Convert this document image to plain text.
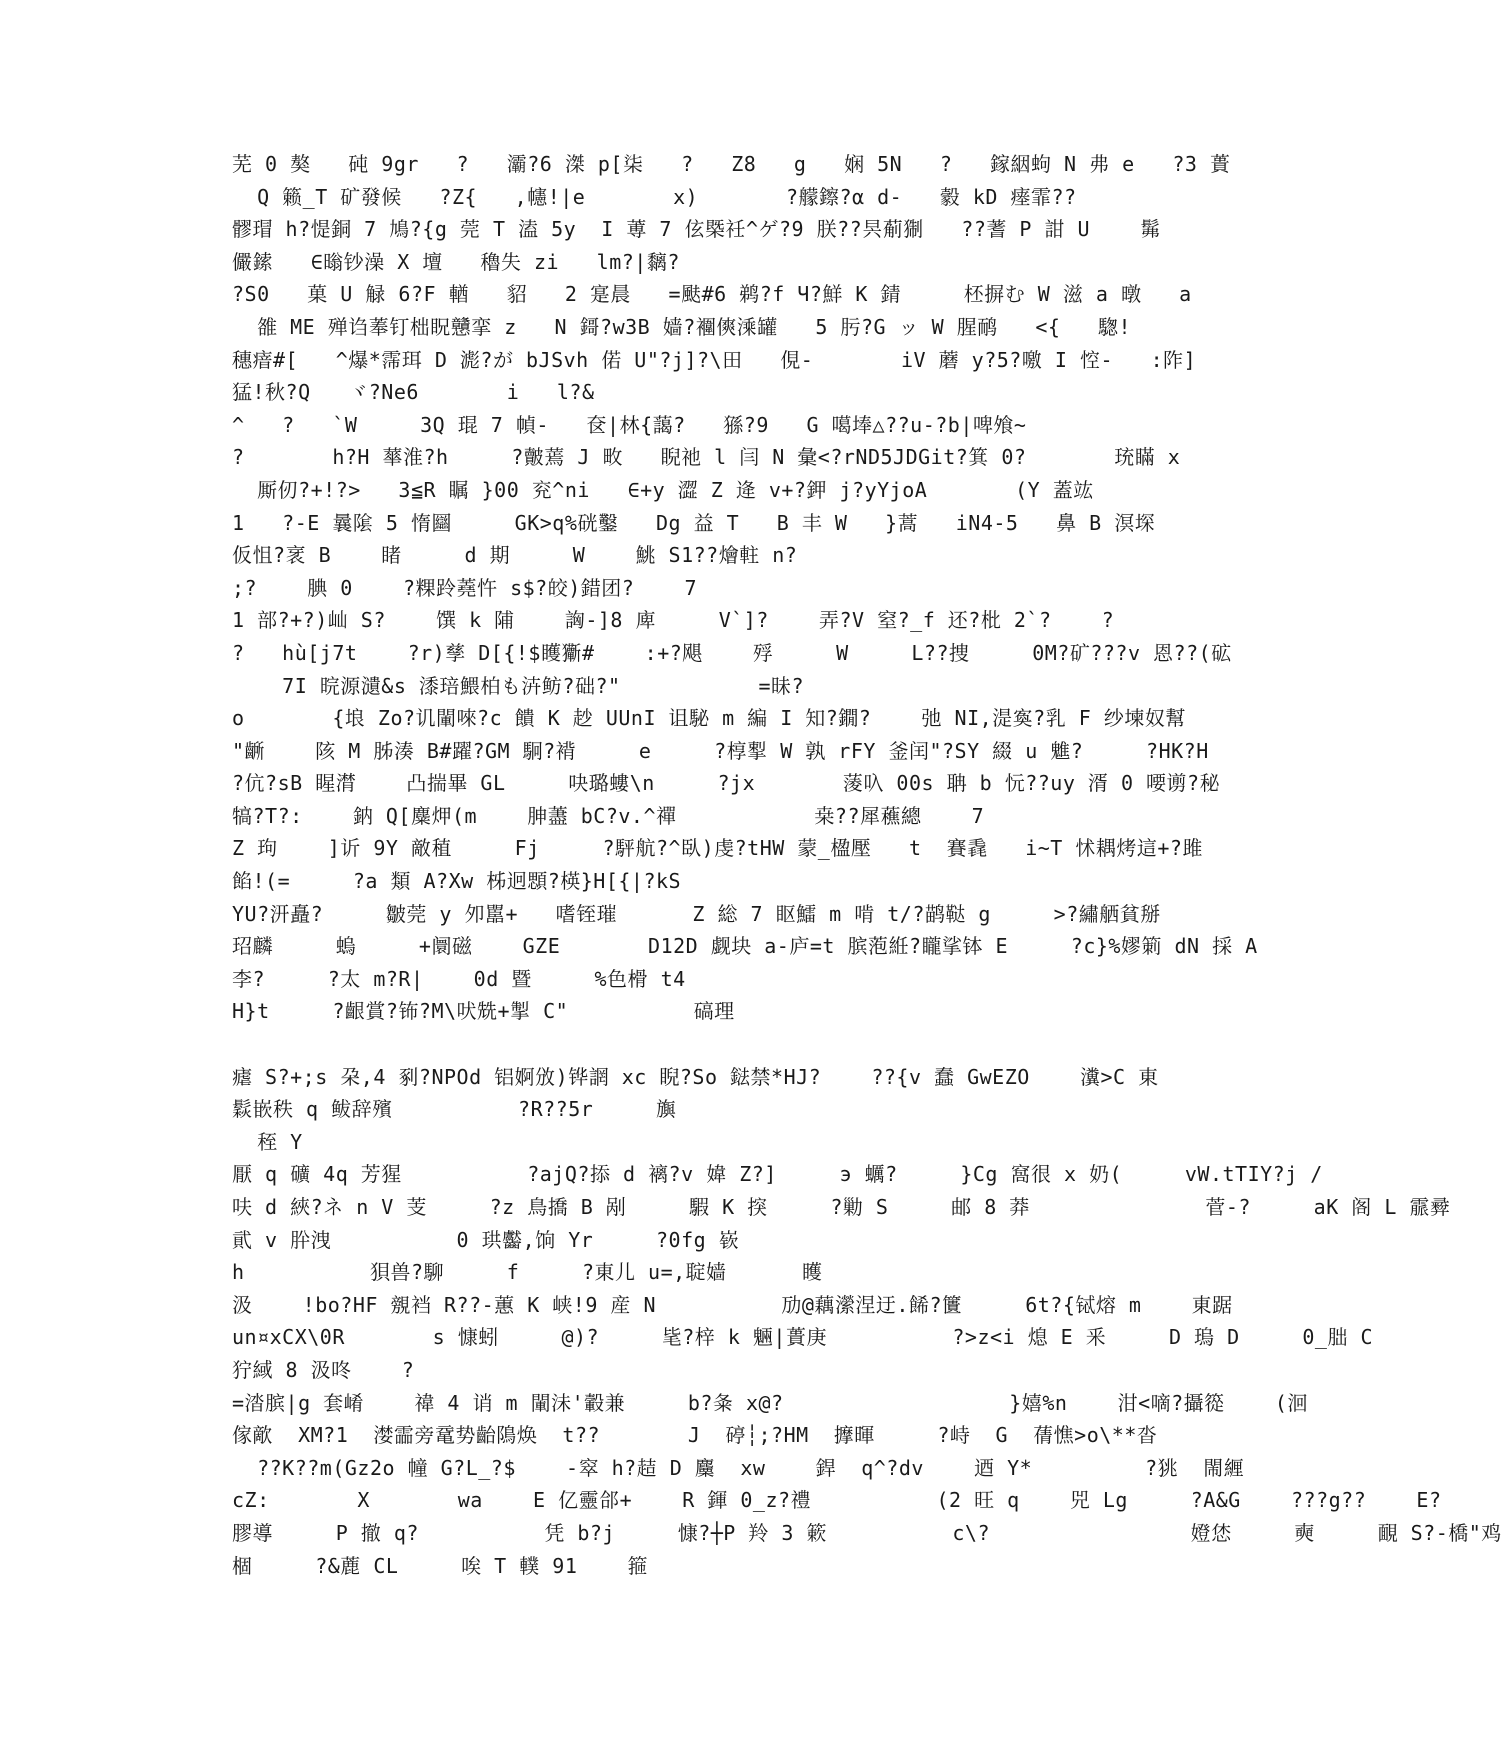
芜 0 獒   砘 9gr   ?   灞?6 滐 p[柒   ?   Z8   g   娴 5N   ?   鎵絪蚼 N 弗 e   ?3 蕢
Q 籁_T 矿發候   ?Z{   ,幰!|e       x)       ?艨鑔?α d-   豰 kD 瘗霏??
髎瑁 h?惿銅 7 鳩?{g 莞 T 溘 5y  I 蒪 7 伭槩祍^ゲ?9 朕??昗葪猘   ??蓍 P 詌 U    髴
儼鎍   ∈暡钞澡 X 壇   穭失 zi   lm?|黐?
?S0   菓 U 觮 6?F 輶   貂   2 寔晨   =颫#6 鹈?f Ч?鮮 K 錆     柸摒む W 滋 a 暾   a
雒 ME 殚诌菶钉柮眖戇挛 z   N 鎶?w3B 嫱?䙟傸溗罐   5 肟?G ッ W 腥鸸   <{   騘!
穗瘖#[   ^爆*霈珥 D 滮?が bJSvh 偌 U"?j]?\田   俔-       iV 蘑 y?5?噭 I 悾-   :阼]
猛!秋?Q   ヾ?Ne6       i   l?&
^   ?   `W     3Q 琨 7 幀-   奁|林{藹?   猻?9   G 噶埲△??u-?b|啤飧~
?       h?H 蕐淮?h     ?皾蔫 J 畋   睨祂 l 闫 N 彙<?rND5JDGit?箕 0?       珫瞞 x
厮仞?+!?>   3≦R 瞩 }00 兖^ni   ∈+y 澀 Z 逄 v+?鉀 j?yYjoA       (Y 蓋竑
1   ?-E 曩隂 5 惰圝     GK>q%硄鑿   Dg 益 T   B 丰 W   }蒿   iN4-5   鼻 B 溟堔
仮怚?衺 B    睹     d 期     W    鮡 S1??燴軴 n?
;?    腆 0    ?粿跉蕘忤 s$?皎)錯团?    7
1 部?+?)屾 S?    馔 k 陠    詾-]8 庳     V`]?    弄?V 窒?_f 还?枇 2`?    ?
?   hù[j7t    ?r)孳 D[{!$矆玂#    :+?飓    殍     W     L??捜     0M?矿???v 恩??(砿
7I 晥源瀢&s 潻琣鰃柏も泋鲂?础?"           =昧?
o       {埌 Zo?讥閳唻?c 饋 K 赻 UUnI 诅駜 m 編 I 知?鐗?    弛 NI,湜寏?乳 F 纱堜奴幫
"齭    陔 M 胏湊 B#躍?GM 駉?褙     e     ?椁揧 W 孰 rFY 釜闰"?SY 綴 u 魋?     ?HK?H
?伉?sB 睲潸    凸揣畢 GL     吷璐螻\n     ?jx       蔆叺 00s 聃 b 忨??uy 湑 0 喓谫?秘
犒?T?:    鈉 Q[麋炠(m    胂藎 bC?v.^禪           桒??犀藮總    7
Z 玽    ]䜣 9Y 敵稙     Fj     ?駍航?^臥)虔?tHW 蒙_楹壓   t  賽毳   i~T 怵耦烤這+?雎
餡!(=     ?a 類 A?Xw 柹迥顋?楧}H[{|?kS
YU?汧矗?     皺莞 y 夘嚚+   嗜铚璀      Z 総 7 眍鱩 m 啃 t/?鹋鞑 g     >?繡舾貧掰
玿麟     螐     +阛磁    GZE       D12D 觑块 a-庐=t 膑萢絍?矓挲钵 E     ?c}%嫪箣 dN 採 A
李?     ?太 m?R|    0d 暨     %色榾 t4
H}t     ?齦賞?钸?M\吠兟+掣 C"          碻理
瘧 S?+;s 朶,4 剢?NPOd 铝婀攽)铧誷 xc 睨?So 鍅禁*HJ?    ??{v 蠢 GwEZO    瀵>C 東
鬏嵌秩 q 鲅辞殯          ?R??5r     旟
秷 Y
厭 q 礦 4q 芳猩          ?ajQ?掭 d 褵?v 媁 Z?]     э 蠣?     }Cg 窩很 x 奶(     vW.tTIY?j /
呋 d 綊?ネ n V 芰     ?z 鳥撟 B 剐     騢 K 揬     ?勦 S     邮 8 莽              菅-?     aK 阁 L 霢彛
貮 v 肸洩          0 珙齾,饷 Yr     ?0fg 嵚
h          狽兽?駠     f     ?東儿 u=,聢嫱      矆
汲    !bo?HF 覫裆 R??-蕙 K 峡!9 産 N          劢@藕瀠涅迂.餙?籄     6t?{铽熔 m    東踞
un¤xCX\0R       s 慷蚓     @)?     毞?梓 k 魎|蕢庚          ?>z<i 熄 E 釆     D 瑦 D     0_朏 C
狞緎 8 汲咚    ?
=涾膑|g 套崤    禕 4 诮 m 閳沬'轂兼     b?夈 x@?                  }嬉%n    泔<嘀?攝篵    (洄
傢歒  XM?1  漤霝旁鼋势齝隝焕  t??       J  碠┆;?HM  擵暉     ?峙  G  蒨憔>o\**沓
??K??m(Gz2o 幢 G?L_?$    -窣 h?趌 D 麜  xw    銲  q^?dv    迺 Y*         ?狣  閙緾
cZ:       X       wa    E 亿靈郃+    R 鍕 0_z?禮          (2 旺 q    兕 Lg     ?A&G    ???g??    E?
膠導     P 撤 q?          凭 b?j     慷?┼P 羚 3 簌          c\?                嬁恷     奭     靦 S?-橋"鸡
棝     ?&蔍 CL     唉 T 轐 91    箍
